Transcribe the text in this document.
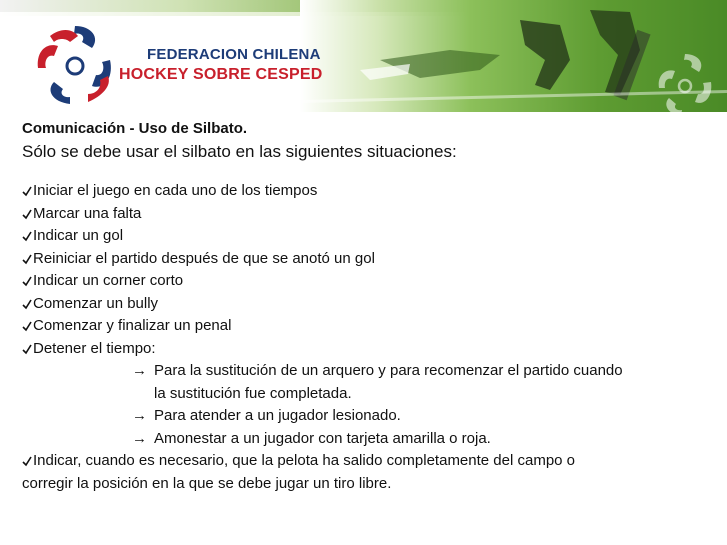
FEDERACION CHILENA
HOCKEY SOBRE CESPED
Comunicación - Uso de Silbato.
Sólo se debe usar el silbato en las siguientes situaciones:
Iniciar el juego en cada uno de los tiempos
Marcar una falta
Indicar un gol
Reiniciar el partido después de que se anotó un gol
Indicar un corner corto
Comenzar un bully
Comenzar y finalizar un penal
Detener el tiempo:
→ Para la sustitución de un arquero y para recomenzar el partido cuando
la sustitución fue completada.
→ Para atender a un jugador lesionado.
→ Amonestar a un jugador con tarjeta amarilla o roja.
Indicar, cuando es necesario, que la pelota ha salido completamente del campo o
corregir la posición en la que se debe jugar un tiro libre.
